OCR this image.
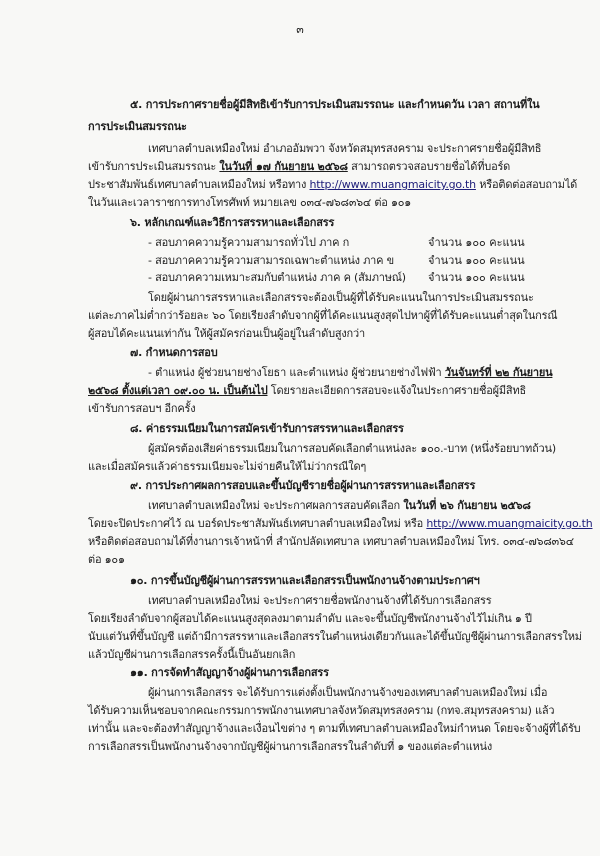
๓
๕. การประกาศรายชื่อผู้มีสิทธิเข้ารับการประเมินสมรรถนะ และกำหนดวัน เวลา สถานที่ใน
การประเมินสมรรถนะ
เทศบาลตำบลเหมืองใหม่ อำเภออัมพวา จังหวัดสมุทรสงคราม จะประกาศรายชื่อผู้มีสิทธิ
เข้ารับการประเมินสมรรถนะ ในวันที่ ๑๗ กันยายน ๒๕๖๘ สามารถตรวจสอบรายชื่อได้ที่บอร์ด
ประชาสัมพันธ์เทศบาลตำบลเหมืองใหม่ หรือทาง http://www.muangmaicity.go.th หรือติดต่อสอบถามได้
ในวันและเวลาราชการทางโทรศัพท์ หมายเลข ๐๓๔-๗๖๘๓๖๔ ต่อ ๑๐๑
๖. หลักเกณฑ์และวิธีการสรรหาและเลือกสรร
- สอบภาคความรู้ความสามารถทั่วไป ภาค ก	จำนวน ๑๐๐ คะแนน
- สอบภาคความรู้ความสามารถเฉพาะตำแหน่ง ภาค ข	จำนวน ๑๐๐ คะแนน
- สอบภาคความเหมาะสมกับตำแหน่ง ภาค ค (สัมภาษณ์) จำนวน ๑๐๐ คะแนน
โดยผู้ผ่านการสรรหาและเลือกสรรจะต้องเป็นผู้ที่ได้รับคะแนนในการประเมินสมรรถนะ
แต่ละภาคไม่ต่ำกว่าร้อยละ ๖๐ โดยเรียงลำดับจากผู้ที่ได้คะแนนสูงสุดไปหาผู้ที่ได้รับคะแนนต่ำสุดในกรณี
ผู้สอบได้คะแนนเท่ากัน ให้ผู้สมัครก่อนเป็นผู้อยู่ในลำดับสูงกว่า
๗. กำหนดการสอบ
- ตำแหน่ง ผู้ช่วยนายช่างโยธา และตำแหน่ง ผู้ช่วยนายช่างไฟฟ้า วันจันทร์ที่ ๒๒ กันยายน
๒๕๖๘ ตั้งแต่เวลา ๐๙.๐๐ น. เป็นต้นไป โดยรายละเอียดการสอบจะแจ้งในประกาศรายชื่อผู้มีสิทธิ
เข้ารับการสอบฯ อีกครั้ง
๘. ค่าธรรมเนียมในการสมัครเข้ารับการสรรหาและเลือกสรร
ผู้สมัครต้องเสียค่าธรรมเนียมในการสอบคัดเลือกตำแหน่งละ ๑๐๐.-บาท (หนึ่งร้อยบาทถ้วน)
และเมื่อสมัครแล้วค่าธรรมเนียมจะไม่จ่ายคืนให้ไม่ว่ากรณีใดๆ
๙. การประกาศผลการสอบและขึ้นบัญชีรายชื่อผู้ผ่านการสรรหาและเลือกสรร
เทศบาลตำบลเหมืองใหม่ จะประกาศผลการสอบคัดเลือก ในวันที่ ๒๖ กันยายน ๒๕๖๘
โดยจะปิดประกาศไว้ ณ บอร์ดประชาสัมพันธ์เทศบาลตำบลเหมืองใหม่ หรือ http://www.muangmaicity.go.th
หรือติดต่อสอบถามได้ที่งานการเจ้าหน้าที่ สำนักปลัดเทศบาล เทศบาลตำบลเหมืองใหม่ โทร. ๐๓๔-๗๖๘๓๖๔
ต่อ ๑๐๑
๑๐. การขึ้นบัญชีผู้ผ่านการสรรหาและเลือกสรรเป็นพนักงานจ้างตามประกาศฯ
เทศบาลตำบลเหมืองใหม่ จะประกาศรายชื่อพนักงานจ้างที่ได้รับการเลือกสรร
โดยเรียงลำดับจากผู้สอบได้คะแนนสูงสุดลงมาตามลำดับ และจะขึ้นบัญชีพนักงานจ้างไว้ไม่เกิน ๑ ปี
นับแต่วันที่ขึ้นบัญชี แต่ถ้ามีการสรรหาและเลือกสรรในตำแหน่งเดียวกันและได้ขึ้นบัญชีผู้ผ่านการเลือกสรรใหม่
แล้วบัญชีผ่านการเลือกสรรครั้งนี้เป็นอันยกเลิก
๑๑. การจัดทำสัญญาจ้างผู้ผ่านการเลือกสรร
ผู้ผ่านการเลือกสรร จะได้รับการแต่งตั้งเป็นพนักงานจ้างของเทศบาลตำบลเหมืองใหม่ เมื่อ
ได้รับความเห็นชอบจากคณะกรรมการพนักงานเทศบาลจังหวัดสมุทรสงคราม (กทจ.สมุทรสงคราม) แล้ว
เท่านั้น และจะต้องทำสัญญาจ้างและเงื่อนไขต่าง ๆ ตามที่เทศบาลตำบลเหมืองใหม่กำหนด โดยจะจ้างผู้ที่ได้รับ
การเลือกสรรเป็นพนักงานจ้างจากบัญชีผู้ผ่านการเลือกสรรในลำดับที่ ๑ ของแต่ละตำแหน่ง
